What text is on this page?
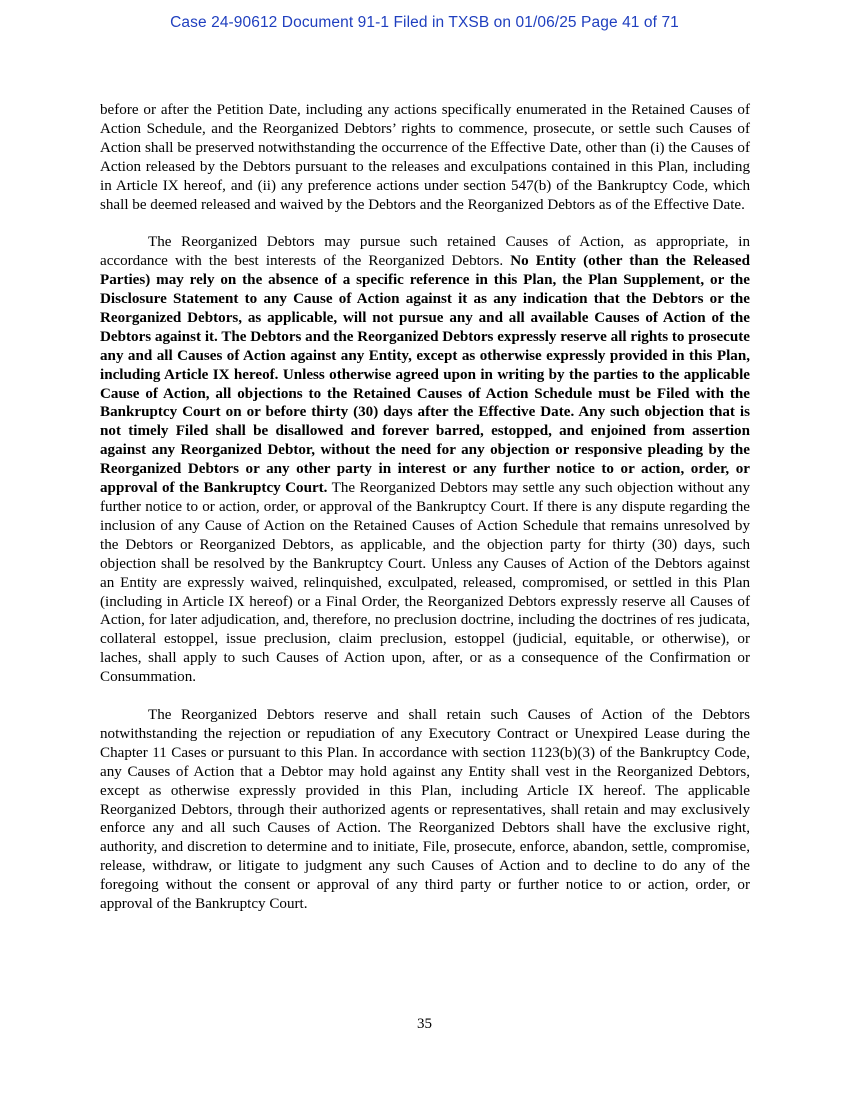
Case 24-90612 Document 91-1 Filed in TXSB on 01/06/25 Page 41 of 71

before or after the Petition Date, including any actions specifically enumerated in the Retained Causes of Action Schedule, and the Reorganized Debtors’ rights to commence, prosecute, or settle such Causes of Action shall be preserved notwithstanding the occurrence of the Effective Date, other than (i) the Causes of Action released by the Debtors pursuant to the releases and exculpations contained in this Plan, including in Article IX hereof, and (ii) any preference actions under section 547(b) of the Bankruptcy Code, which shall be deemed released and waived by the Debtors and the Reorganized Debtors as of the Effective Date.

The Reorganized Debtors may pursue such retained Causes of Action, as appropriate, in accordance with the best interests of the Reorganized Debtors. No Entity (other than the Released Parties) may rely on the absence of a specific reference in this Plan, the Plan Supplement, or the Disclosure Statement to any Cause of Action against it as any indication that the Debtors or the Reorganized Debtors, as applicable, will not pursue any and all available Causes of Action of the Debtors against it. The Debtors and the Reorganized Debtors expressly reserve all rights to prosecute any and all Causes of Action against any Entity, except as otherwise expressly provided in this Plan, including Article IX hereof. Unless otherwise agreed upon in writing by the parties to the applicable Cause of Action, all objections to the Retained Causes of Action Schedule must be Filed with the Bankruptcy Court on or before thirty (30) days after the Effective Date. Any such objection that is not timely Filed shall be disallowed and forever barred, estopped, and enjoined from assertion against any Reorganized Debtor, without the need for any objection or responsive pleading by the Reorganized Debtors or any other party in interest or any further notice to or action, order, or approval of the Bankruptcy Court. The Reorganized Debtors may settle any such objection without any further notice to or action, order, or approval of the Bankruptcy Court. If there is any dispute regarding the inclusion of any Cause of Action on the Retained Causes of Action Schedule that remains unresolved by the Debtors or Reorganized Debtors, as applicable, and the objection party for thirty (30) days, such objection shall be resolved by the Bankruptcy Court. Unless any Causes of Action of the Debtors against an Entity are expressly waived, relinquished, exculpated, released, compromised, or settled in this Plan (including in Article IX hereof) or a Final Order, the Reorganized Debtors expressly reserve all Causes of Action, for later adjudication, and, therefore, no preclusion doctrine, including the doctrines of res judicata, collateral estoppel, issue preclusion, claim preclusion, estoppel (judicial, equitable, or otherwise), or laches, shall apply to such Causes of Action upon, after, or as a consequence of the Confirmation or Consummation.

The Reorganized Debtors reserve and shall retain such Causes of Action of the Debtors notwithstanding the rejection or repudiation of any Executory Contract or Unexpired Lease during the Chapter 11 Cases or pursuant to this Plan. In accordance with section 1123(b)(3) of the Bankruptcy Code, any Causes of Action that a Debtor may hold against any Entity shall vest in the Reorganized Debtors, except as otherwise expressly provided in this Plan, including Article IX hereof. The applicable Reorganized Debtors, through their authorized agents or representatives, shall retain and may exclusively enforce any and all such Causes of Action. The Reorganized Debtors shall have the exclusive right, authority, and discretion to determine and to initiate, File, prosecute, enforce, abandon, settle, compromise, release, withdraw, or litigate to judgment any such Causes of Action and to decline to do any of the foregoing without the consent or approval of any third party or further notice to or action, order, or approval of the Bankruptcy Court.

35
